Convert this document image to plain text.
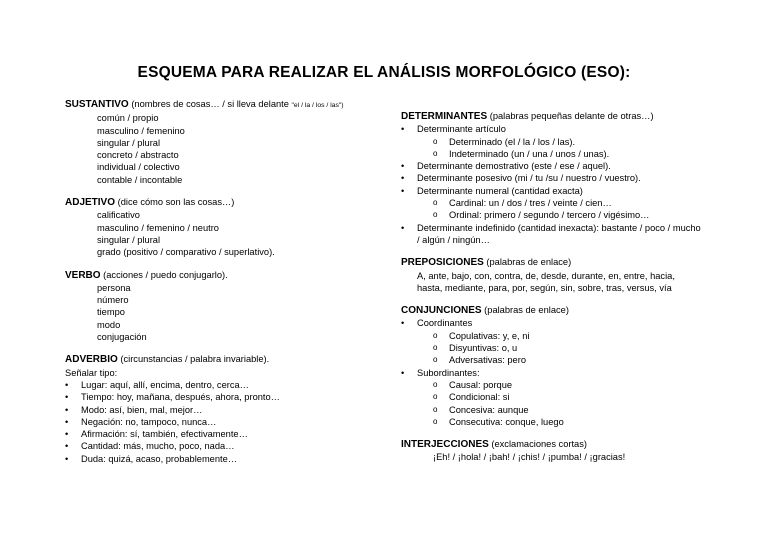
ESQUEMA PARA REALIZAR EL ANÁLISIS MORFOLÓGICO (ESO):
SUSTANTIVO (nombres de cosas… / si lleva delante "el / la / los / las")
común / propio
masculino / femenino
singular / plural
concreto / abstracto
individual / colectivo
contable / incontable
ADJETIVO (dice cómo son las cosas…)
calificativo
masculino / femenino / neutro
singular / plural
grado (positivo / comparativo / superlativo).
VERBO (acciones / puedo conjugarlo).
persona
número
tiempo
modo
conjugación
ADVERBIO (circunstancias / palabra invariable).
Señalar tipo:
• Lugar: aquí, allí, encima, dentro, cerca…
• Tiempo: hoy, mañana, después, ahora, pronto…
• Modo: así, bien, mal, mejor…
• Negación: no, tampoco, nunca…
• Afirmación: sí, también, efectivamente…
• Cantidad: más, mucho, poco, nada…
• Duda: quizá, acaso, probablemente…
DETERMINANTES (palabras pequeñas delante de otras…)
• Determinante artículo
o Determinado (el / la / los / las).
o Indeterminado (un / una / unos / unas).
• Determinante demostrativo (este / ese / aquel).
• Determinante posesivo (mi / tu /su / nuestro / vuestro).
• Determinante numeral (cantidad exacta)
o Cardinal: un / dos / tres / veinte / cien…
o Ordinal: primero / segundo / tercero / vigésimo…
• Determinante indefinido (cantidad inexacta): bastante / poco / mucho / algún / ningún…
PREPOSICIONES (palabras de enlace)
A, ante, bajo, con, contra, de, desde, durante, en, entre, hacia, hasta, mediante, para, por, según, sin, sobre, tras, versus, vía
CONJUNCIONES (palabras de enlace)
• Coordinantes
o Copulativas: y, e, ni
o Disyuntivas: o, u
o Adversativas: pero
• Subordinantes:
o Causal: porque
o Condicional: si
o Concesiva: aunque
o Consecutiva: conque, luego
INTERJECCIONES (exclamaciones cortas)
¡Eh! / ¡hola! / ¡bah! / ¡chis! / ¡pumba! / ¡gracias!
